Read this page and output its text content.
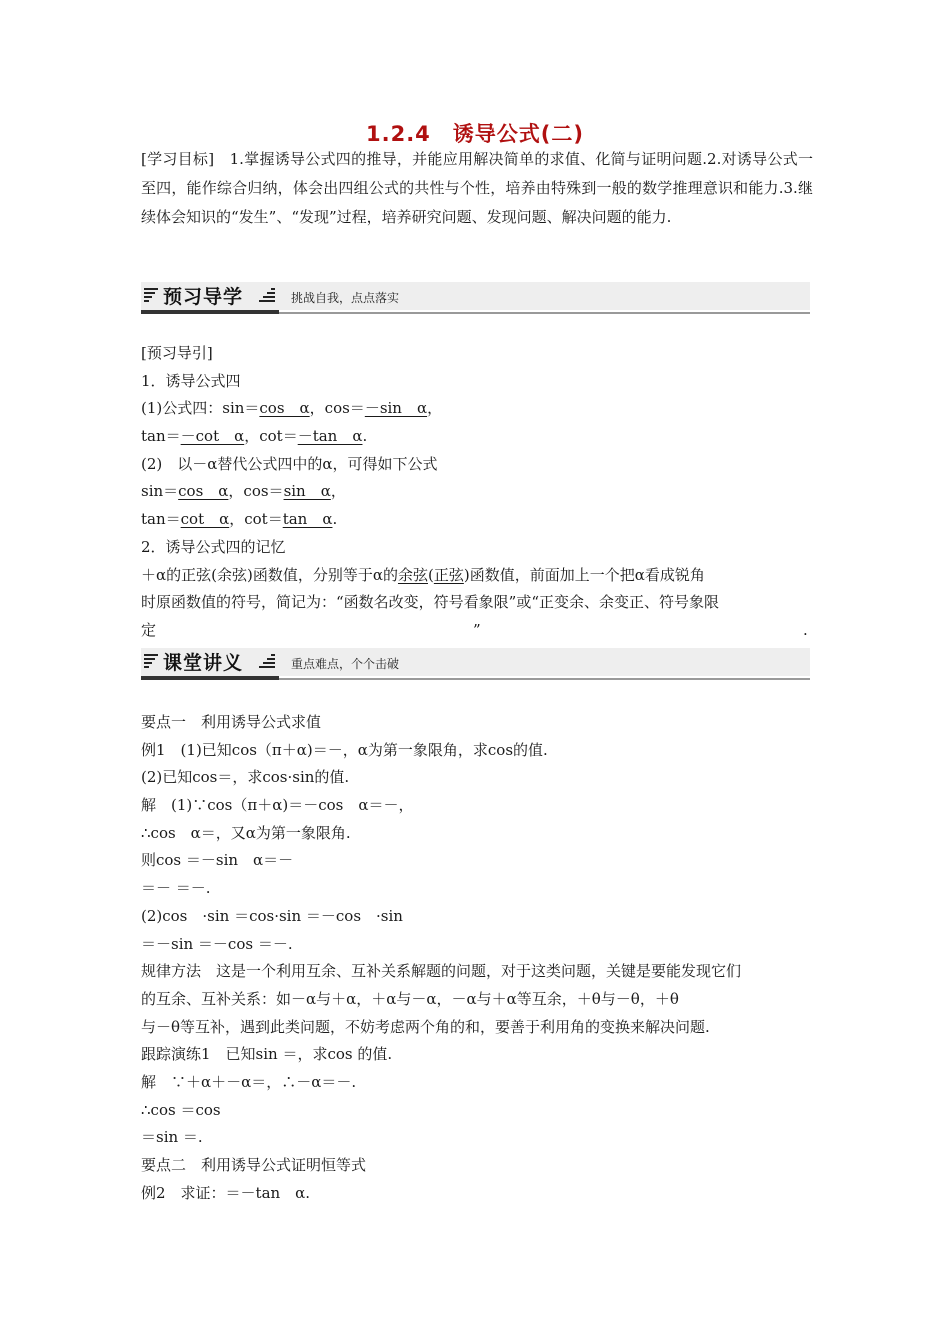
1.2.4　诱导公式(二)
[学习目标]　1.掌握诱导公式四的推导，并能应用解决简单的求值、化简与证明问题.2.对诱导公式一至四，能作综合归纳，体会出四组公式的共性与个性，培养由特殊到一般的数学推理意识和能力.3.继续体会知识的“发生”、“发现”过程，培养研究问题、发现问题、解决问题的能力.
预习导学	挑战自我，点点落实
[预习导引]
1．诱导公式四
(1)公式四：sin＝cos　α，cos＝－sin　α，
tan＝－cot　α，cot＝－tan　α.
(2)　以－α替代公式四中的α，可得如下公式
sin＝cos　α，cos＝sin　α，
tan＝cot　α，cot＝tan　α.
2．诱导公式四的记忆
＋α的正弦(余弦)函数值，分别等于α的余弦(正弦)函数值，前面加上一个把α看成锐角
时原函数值的符号，简记为：“函数名改变，符号看象限”或“正变余、余变正、符号象限
定	”	.
课堂讲义	重点难点，个个击破
要点一　利用诱导公式求值
例1　(1)已知cos（π＋α)＝－，α为第一象限角，求cos的值.
(2)已知cos＝，求cos·sin的值.
解　(1)∵cos（π＋α)＝－cos　α＝－，
∴cos　α＝，又α为第一象限角.
则cos ＝－sin　α＝－
＝－ ＝－.
(2)cos　·sin ＝cos·sin ＝－cos　·sin
＝－sin ＝－cos ＝－.
规律方法　这是一个利用互余、互补关系解题的问题，对于这类问题，关键是要能发现它们
的互余、互补关系：如－α与＋α，＋α与－α，－α与＋α等互余，＋θ与－θ，＋θ
与－θ等互补，遇到此类问题，不妨考虑两个角的和，要善于利用角的变换来解决问题.
跟踪演练1　已知sin ＝，求cos 的值.
解　∵＋α＋－α＝，∴－α＝－.
∴cos ＝cos
＝sin ＝.
要点二　利用诱导公式证明恒等式
例2　求证：＝－tan　α.
